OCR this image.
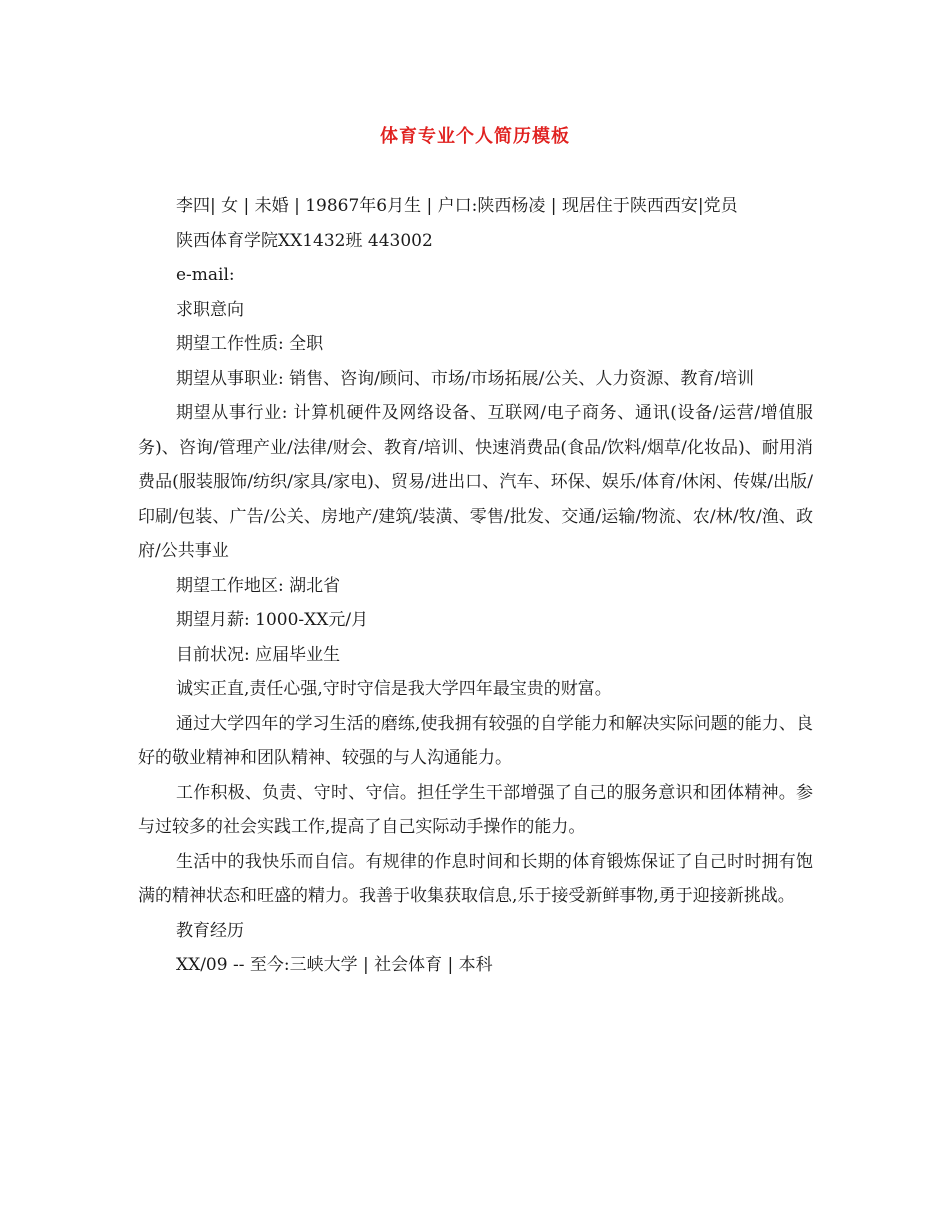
体育专业个人简历模板

李四| 女 | 未婚 | 19867年6月生 | 户口:陕西杨凌 | 现居住于陕西西安|党员

陕西体育学院XX1432班 443002

e-mail:

求职意向

期望工作性质: 全职

期望从事职业: 销售、咨询/顾问、市场/市场拓展/公关、人力资源、教育/培训

期望从事行业: 计算机硬件及网络设备、互联网/电子商务、通讯(设备/运营/增值服务)、咨询/管理产业/法律/财会、教育/培训、快速消费品(食品/饮料/烟草/化妆品)、耐用消费品(服装服饰/纺织/家具/家电)、贸易/进出口、汽车、环保、娱乐/体育/休闲、传媒/出版/印刷/包装、广告/公关、房地产/建筑/装潢、零售/批发、交通/运输/物流、农/林/牧/渔、政府/公共事业

期望工作地区: 湖北省

期望月薪: 1000-XX元/月

目前状况: 应届毕业生

诚实正直,责任心强,守时守信是我大学四年最宝贵的财富。

通过大学四年的学习生活的磨练,使我拥有较强的自学能力和解决实际问题的能力、良好的敬业精神和团队精神、较强的与人沟通能力。

工作积极、负责、守时、守信。担任学生干部增强了自己的服务意识和团体精神。参与过较多的社会实践工作,提高了自己实际动手操作的能力。

生活中的我快乐而自信。有规律的作息时间和长期的体育锻炼保证了自己时时拥有饱满的精神状态和旺盛的精力。我善于收集获取信息,乐于接受新鲜事物,勇于迎接新挑战。

教育经历

XX/09 -- 至今:三峡大学 | 社会体育 | 本科
